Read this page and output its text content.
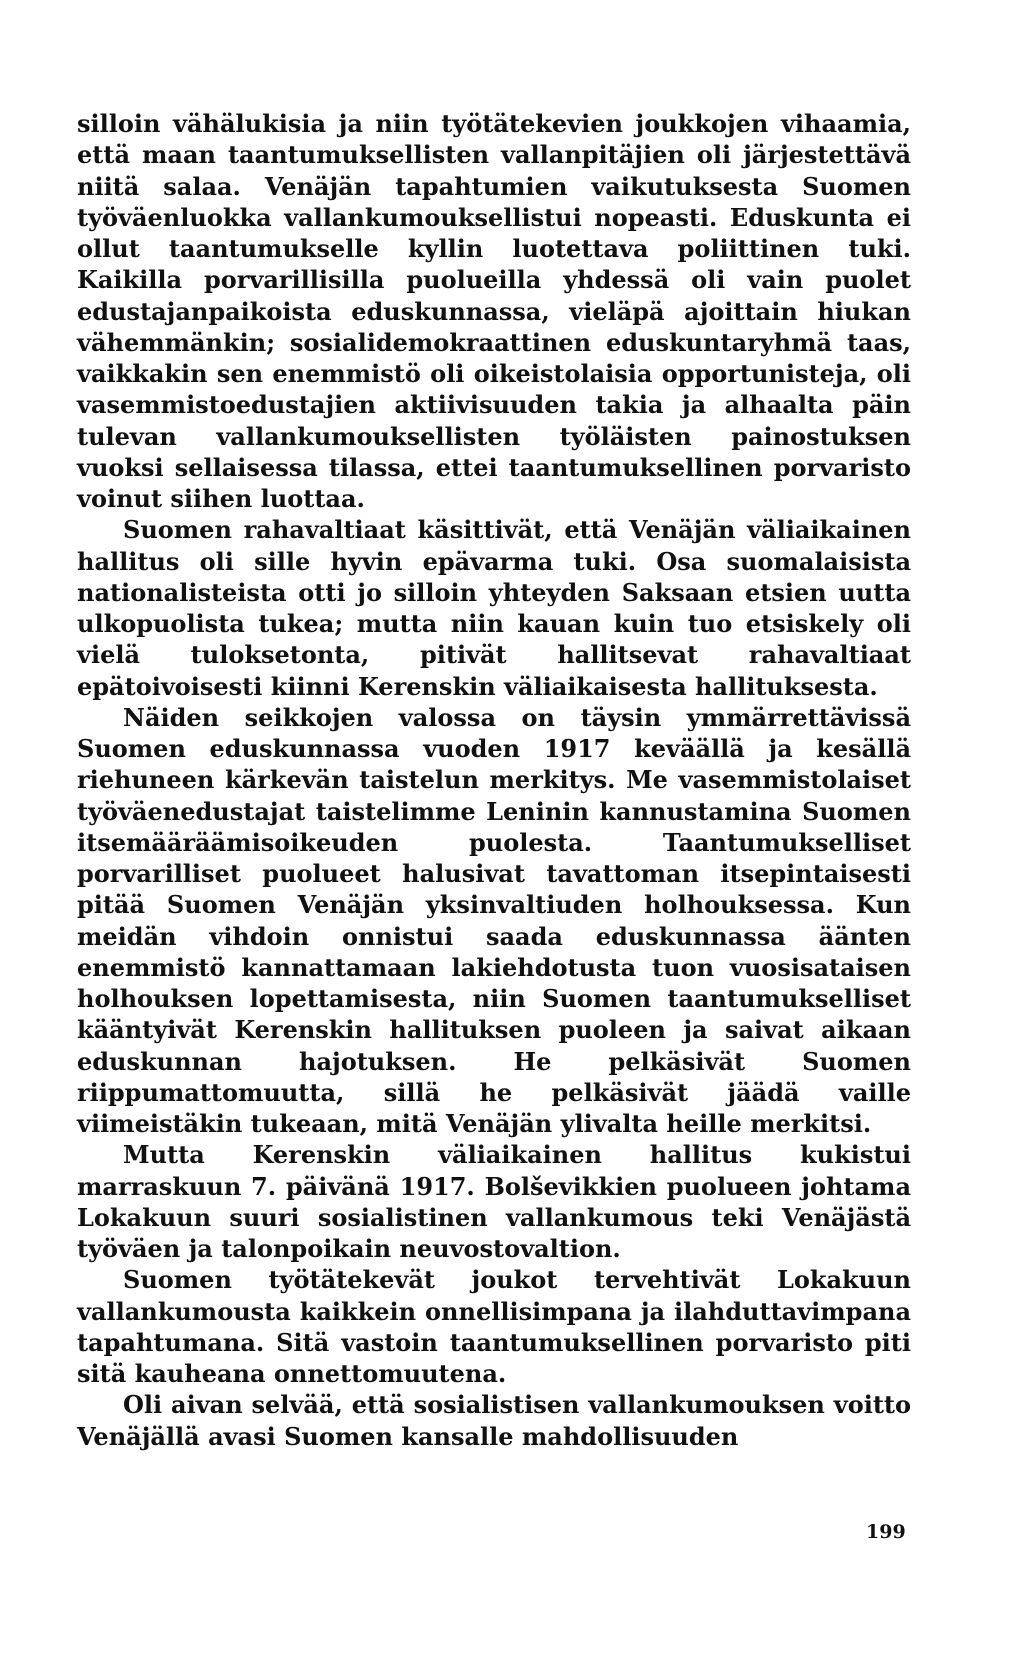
silloin vähälukisia ja niin työtätekevien joukkojen vihaamia, että maan taantumuksellisten vallanpitäjien oli järjestettävä niitä salaa. Venäjän tapahtumien vaikutuksesta Suomen työväenluokka vallankumouksellistui nopeasti. Eduskunta ei ollut taantumukselle kyllin luotettava poliittinen tuki. Kaikilla porvarillisilla puolueilla yhdessä oli vain puolet edustajanpaikoista eduskunnassa, vieläpä ajoittain hiukan vähemmänkin; sosialidemokraattinen eduskuntaryhmä taas, vaikkakin sen enemmistö oli oikeistolaisia opportunisteja, oli vasemmistoedustajien aktiivisuuden takia ja alhaalta päin tulevan vallankumouksellisten työläisten painostuksen vuoksi sellaisessa tilassa, ettei taantumuksellinen porvaristo voinut siihen luottaa.

Suomen rahavaltiaat käsittivät, että Venäjän väliaikainen hallitus oli sille hyvin epävarma tuki. Osa suomalaisista nationalisteista otti jo silloin yhteyden Saksaan etsien uutta ulkopuolista tukea; mutta niin kauan kuin tuo etsiskely oli vielä tuloksetonta, pitivät hallitsevat rahavaltiaat epätoivoisesti kiinni Kerenskin väliaikaisesta hallituksesta.

Näiden seikkojen valossa on täysin ymmärrettävissä Suomen eduskunnassa vuoden 1917 keväällä ja kesällä riehuneen kärkevän taistelun merkitys. Me vasemmistolaiset työväenedustajat taistelimme Leninin kannustamina Suomen itsemääräämisoikeuden puolesta. Taantumukselliset porvarilliset puolueet halusivat tavattoman itsepintaisesti pitää Suomen Venäjän yksinvaltiuden holhouksessa. Kun meidän vihdoin onnistui saada eduskunnassa äänten enemmistö kannattamaan lakiehdotusta tuon vuosisataisen holhouksen lopettamisesta, niin Suomen taantumukselliset kääntyivät Kerenskin hallituksen puoleen ja saivat aikaan eduskunnan hajotuksen. He pelkäsivät Suomen riippumattomuutta, sillä he pelkäsivät jäädä vaille viimeistäkin tukeaan, mitä Venäjän ylivalta heille merkitsi.

Mutta Kerenskin väliaikainen hallitus kukistui marraskuun 7. päivänä 1917. Bolševikkien puolueen johtama Lokakuun suuri sosialistinen vallankumous teki Venäjästä työväen ja talonpoikain neuvostovaltion.

Suomen työtätekevät joukot tervehtivät Lokakuun vallankumousta kaikkein onnellisimpana ja ilahduttavimpana tapahtumana. Sitä vastoin taantumuksellinen porvaristo piti sitä kauheana onnettomuutena.

Oli aivan selvää, että sosialistisen vallankumouksen voitto Venäjällä avasi Suomen kansalle mahdollisuuden

199
